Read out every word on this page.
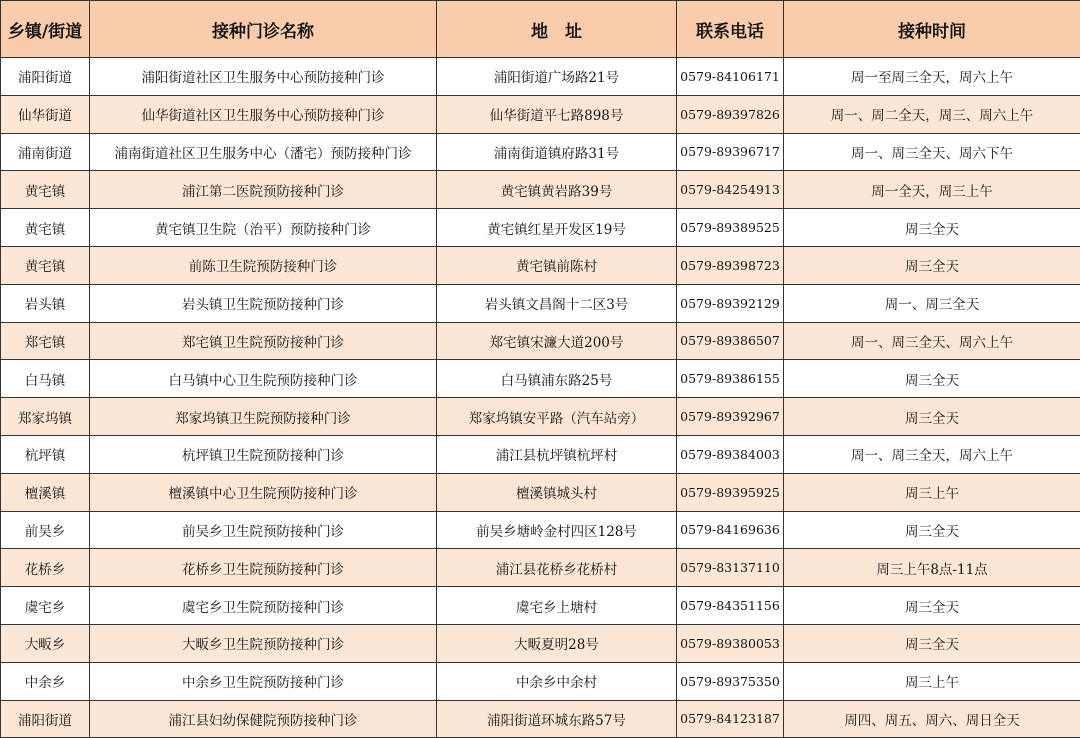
乡镇/街道	接种门诊名称	地　址	联系电话	接种时间
浦阳街道	浦阳街道社区卫生服务中心预防接种门诊	浦阳街道广场路21号	0579-84106171	周一至周三全天，周六上午
仙华街道	仙华街道社区卫生服务中心预防接种门诊	仙华街道平七路898号	0579-89397826	周一、周二全天，周三、周六上午
浦南街道	浦南街道社区卫生服务中心（潘宅）预防接种门诊	浦南街道镇府路31号	0579-89396717	周一、周三全天、周六下午
黄宅镇	浦江第二医院预防接种门诊	黄宅镇黄岩路39号	0579-84254913	周一全天，周三上午
黄宅镇	黄宅镇卫生院（治平）预防接种门诊	黄宅镇红星开发区19号	0579-89389525	周三全天
黄宅镇	前陈卫生院预防接种门诊	黄宅镇前陈村	0579-89398723	周三全天
岩头镇	岩头镇卫生院预防接种门诊	岩头镇文昌阁十二区3号	0579-89392129	周一、周三全天
郑宅镇	郑宅镇卫生院预防接种门诊	郑宅镇宋濂大道200号	0579-89386507	周一、周三全天、周六上午
白马镇	白马镇中心卫生院预防接种门诊	白马镇浦东路25号	0579-89386155	周三全天
郑家坞镇	郑家坞镇卫生院预防接种门诊	郑家坞镇安平路（汽车站旁）	0579-89392967	周三全天
杭坪镇	杭坪镇卫生院预防接种门诊	浦江县杭坪镇杭坪村	0579-89384003	周一、周三全天，周六上午
檀溪镇	檀溪镇中心卫生院预防接种门诊	檀溪镇城头村	0579-89395925	周三上午
前吴乡	前吴乡卫生院预防接种门诊	前吴乡塘岭金村四区128号	0579-84169636	周三全天
花桥乡	花桥乡卫生院预防接种门诊	浦江县花桥乡花桥村	0579-83137110	周三上午8点-11点
虞宅乡	虞宅乡卫生院预防接种门诊	虞宅乡上塘村	0579-84351156	周三全天
大畈乡	大畈乡卫生院预防接种门诊	大畈夏明28号	0579-89380053	周三全天
中余乡	中余乡卫生院预防接种门诊	中余乡中余村	0579-89375350	周三上午
浦阳街道	浦江县妇幼保健院预防接种门诊	浦阳街道环城东路57号	0579-84123187	周四、周五、周六、周日全天
